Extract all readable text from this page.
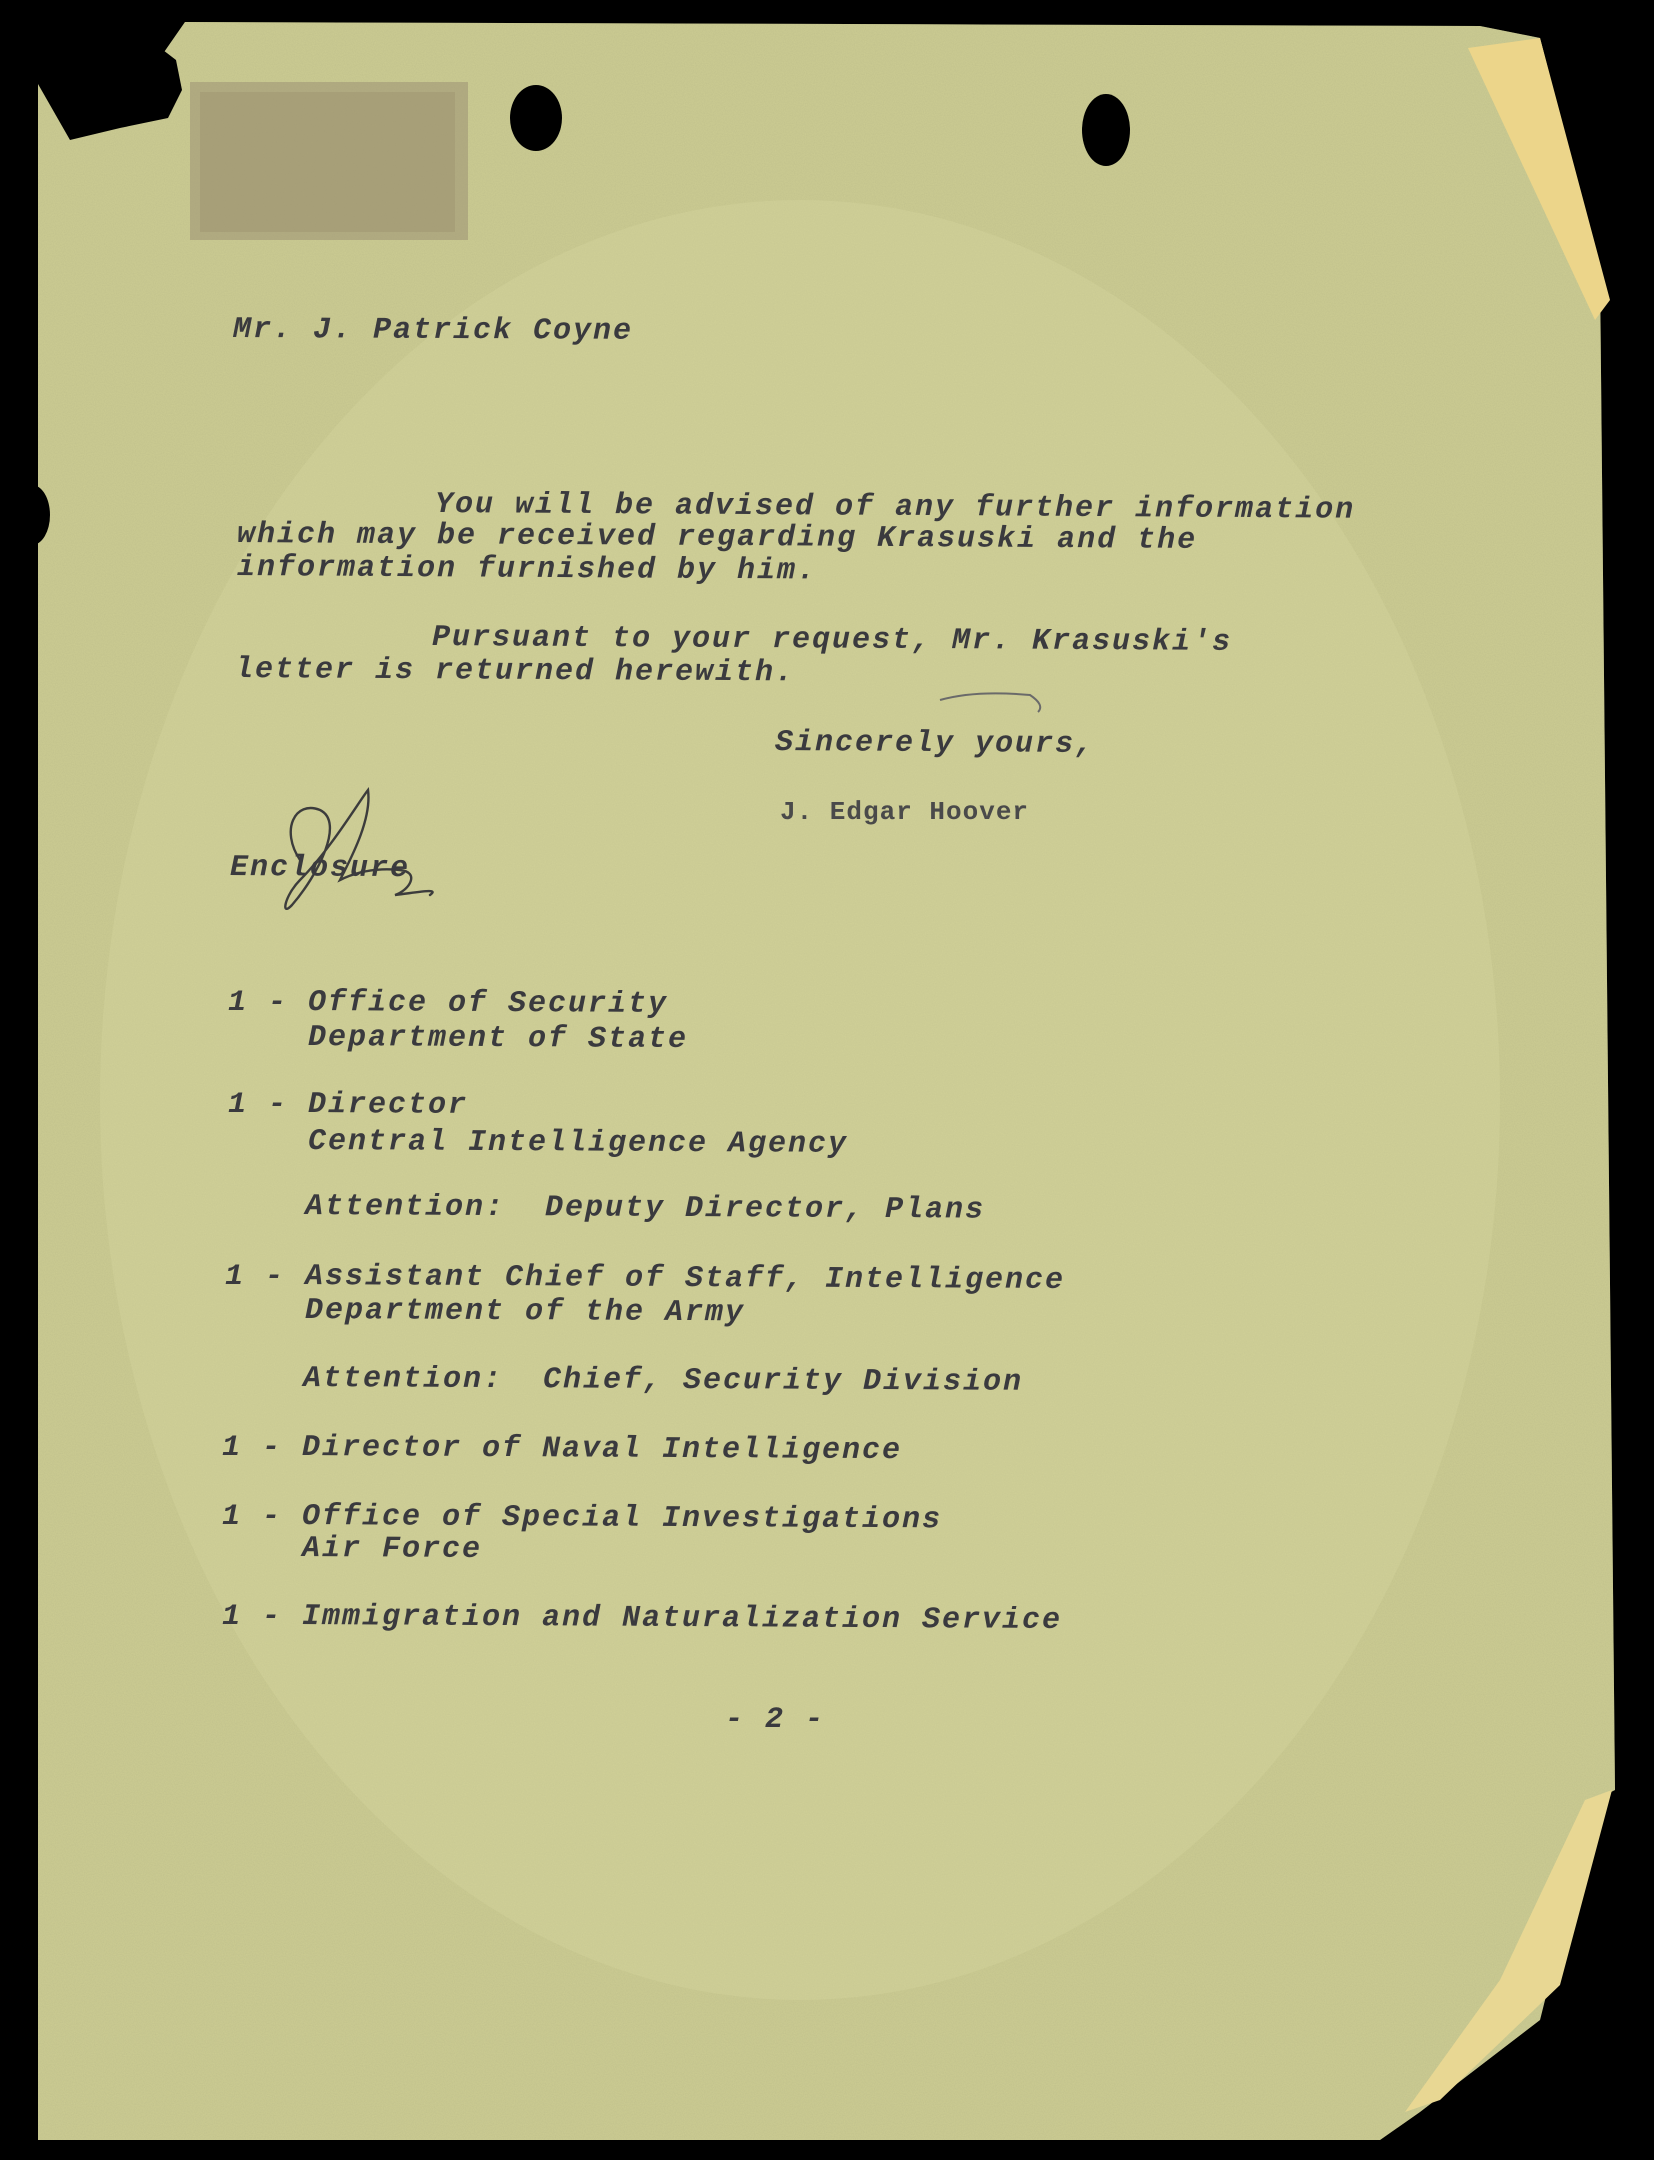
Mr. J. Patrick Coyne
You will be advised of any further information
which may be received regarding Krasuski and the
information furnished by him.
Pursuant to your request, Mr. Krasuski's
letter is returned herewith.
Sincerely yours,
J. Edgar Hoover
Enclosure
1 - Office of Security
Department of State
1 - Director
Central Intelligence Agency
Attention:  Deputy Director, Plans
1 - Assistant Chief of Staff, Intelligence
Department of the Army
Attention:  Chief, Security Division
1 - Director of Naval Intelligence
1 - Office of Special Investigations
Air Force
1 - Immigration and Naturalization Service
- 2 -
